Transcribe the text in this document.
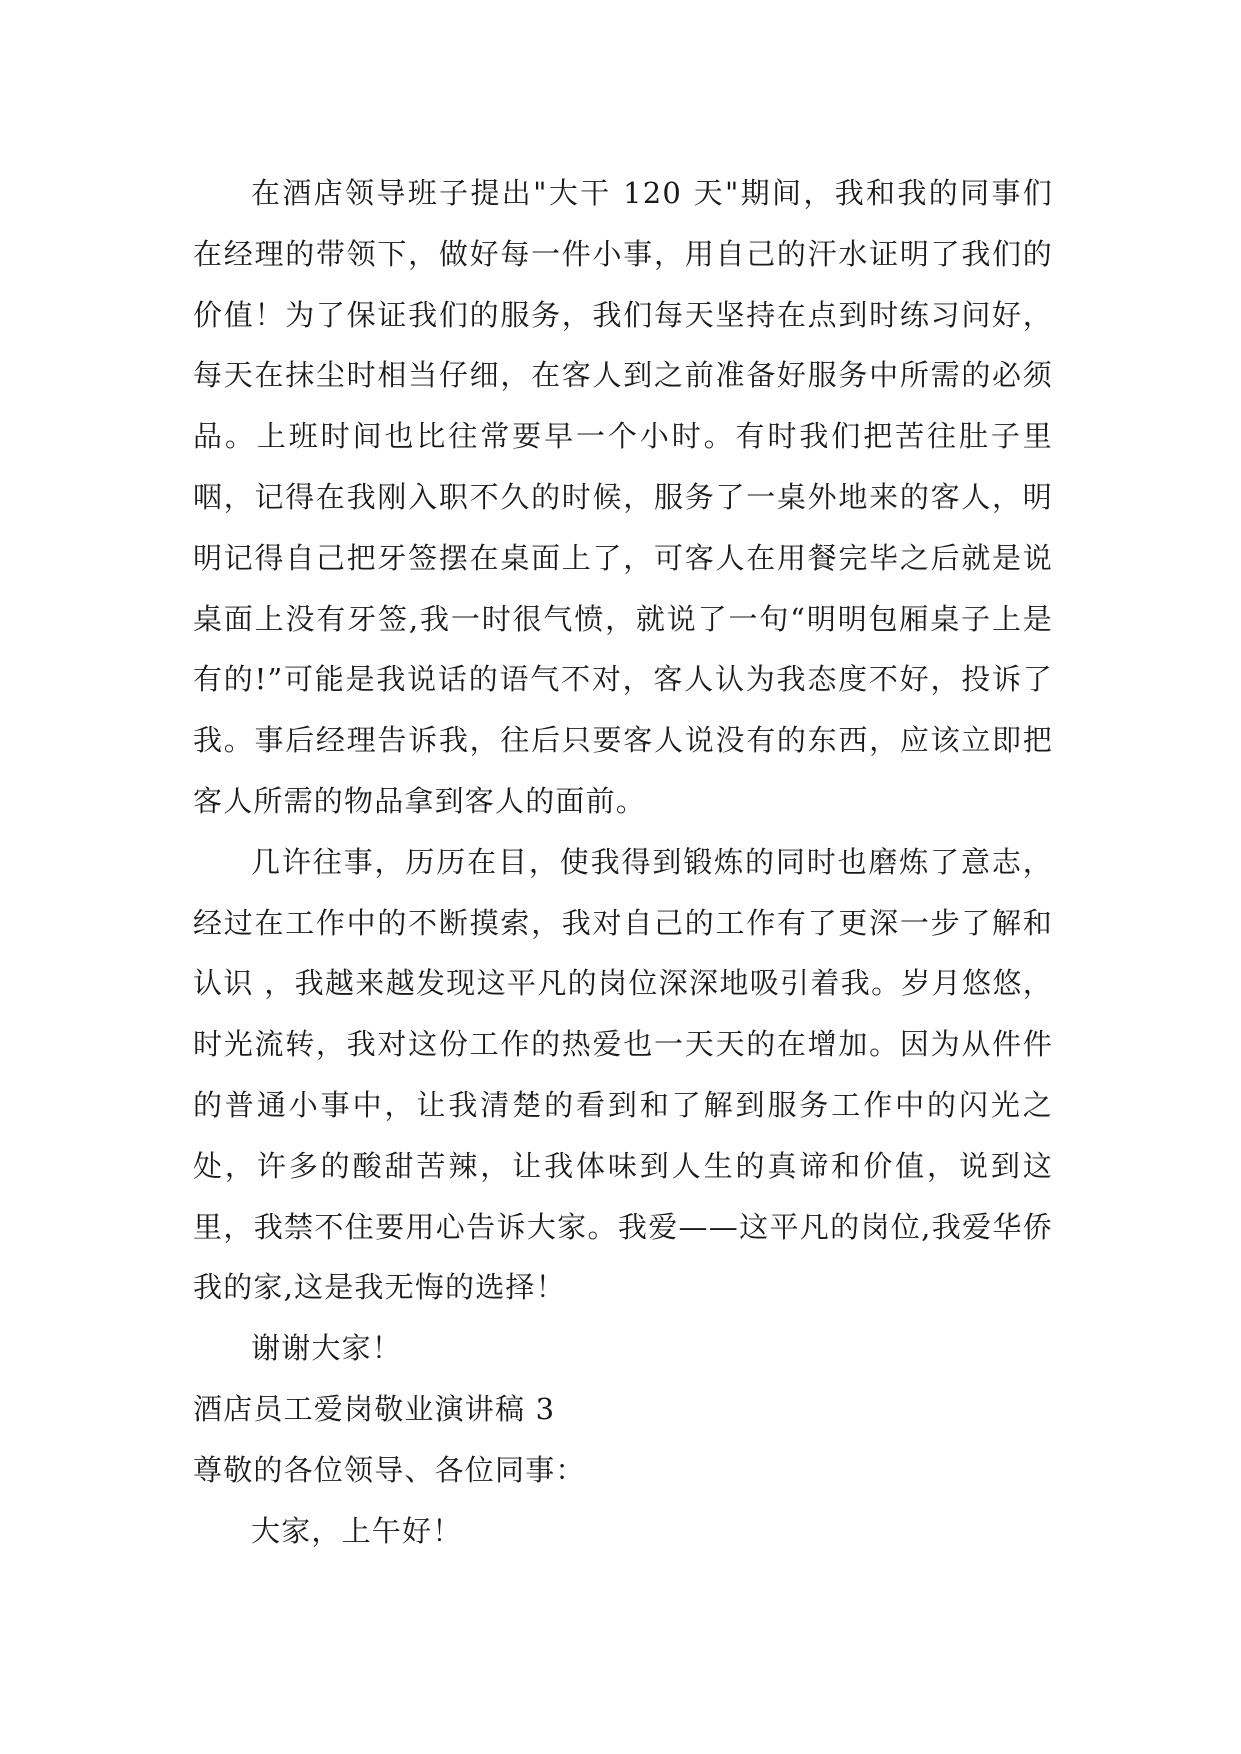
在酒店领导班子提出"大干 120 天"期间，我和我的同事们在经理的带领下，做好每一件小事，用自己的汗水证明了我们的价值！为了保证我们的服务，我们每天坚持在点到时练习问好，每天在抹尘时相当仔细，在客人到之前准备好服务中所需的必须品。上班时间也比往常要早一个小时。有时我们把苦往肚子里咽，记得在我刚入职不久的时候，服务了一桌外地来的客人，明明记得自己把牙签摆在桌面上了，可客人在用餐完毕之后就是说桌面上没有牙签,我一时很气愤，就说了一句“明明包厢桌子上是有的!”可能是我说话的语气不对，客人认为我态度不好，投诉了我。事后经理告诉我，往后只要客人说没有的东西，应该立即把客人所需的物品拿到客人的面前。

几许往事，历历在目，使我得到锻炼的同时也磨炼了意志，经过在工作中的不断摸索，我对自己的工作有了更深一步了解和认识 ，我越来越发现这平凡的岗位深深地吸引着我。岁月悠悠，时光流转，我对这份工作的热爱也一天天的在增加。因为从件件的普通小事中，让我清楚的看到和了解到服务工作中的闪光之处，许多的酸甜苦辣，让我体味到人生的真谛和价值，说到这里，我禁不住要用心告诉大家。我爱——这平凡的岗位,我爱华侨我的家,这是我无悔的选择！

谢谢大家！

酒店员工爱岗敬业演讲稿 3

尊敬的各位领导、各位同事：

大家，上午好！
